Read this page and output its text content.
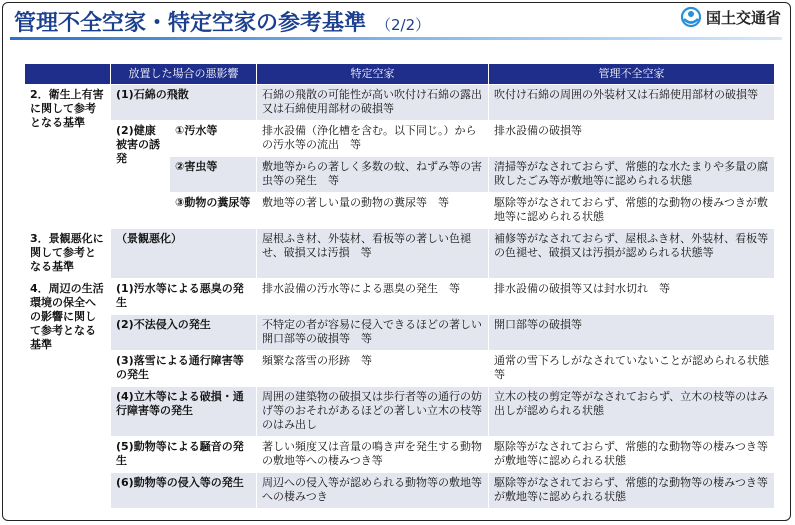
管理不全空家・特定空家の参考基準 （2/2）	国土交通省
	放置した場合の悪影響		特定空家	管理不全空家
2．衛生上有害に関して参考となる基準	(1)石綿の飛散		石綿の飛散の可能性が高い吹付け石綿の露出又は石綿使用部材の破損等	吹付け石綿の周囲の外装材又は石綿使用部材の破損等
	(2)健康被害の誘発	①汚水等	排水設備（浄化槽を含む。以下同じ。）からの汚水等の流出　等	排水設備の破損等
		②害虫等	敷地等からの著しく多数の蚊、ねずみ等の害虫等の発生　等	清掃等がなされておらず、常態的な水たまりや多量の腐敗したごみ等が敷地等に認められる状態
		③動物の糞尿等	敷地等の著しい量の動物の糞尿等　等	駆除等がなされておらず、常態的な動物の棲みつきが敷地等に認められる状態
3．景観悪化に関して参考となる基準	（景観悪化）		屋根ふき材、外装材、看板等の著しい色褪せ、破損又は汚損　等	補修等がなされておらず、屋根ふき材、外装材、看板等の色褪せ、破損又は汚損が認められる状態等
4．周辺の生活環境の保全への影響に関して参考となる基準	(1)汚水等による悪臭の発生		排水設備の汚水等による悪臭の発生　等	排水設備の破損等又は封水切れ　等
	(2)不法侵入の発生		不特定の者が容易に侵入できるほどの著しい開口部等の破損等　等	開口部等の破損等
	(3)落雪による通行障害等の発生		頻繁な落雪の形跡　等	通常の雪下ろしがなされていないことが認められる状態　等
	(4)立木等による破損・通行障害等の発生		周囲の建築物の破損又は歩行者等の通行の妨げ等のおそれがあるほどの著しい立木の枝等のはみ出し	立木の枝の剪定等がなされておらず、立木の枝等のはみ出しが認められる状態
	(5)動物等による騒音の発生		著しい頻度又は音量の鳴き声を発生する動物の敷地等への棲みつき等	駆除等がなされておらず、常態的な動物等の棲みつき等が敷地等に認められる状態
	(6)動物等の侵入等の発生		周辺への侵入等が認められる動物等の敷地等への棲みつき	駆除等がなされておらず、常態的な動物等の棲みつき等が敷地等に認められる状態
